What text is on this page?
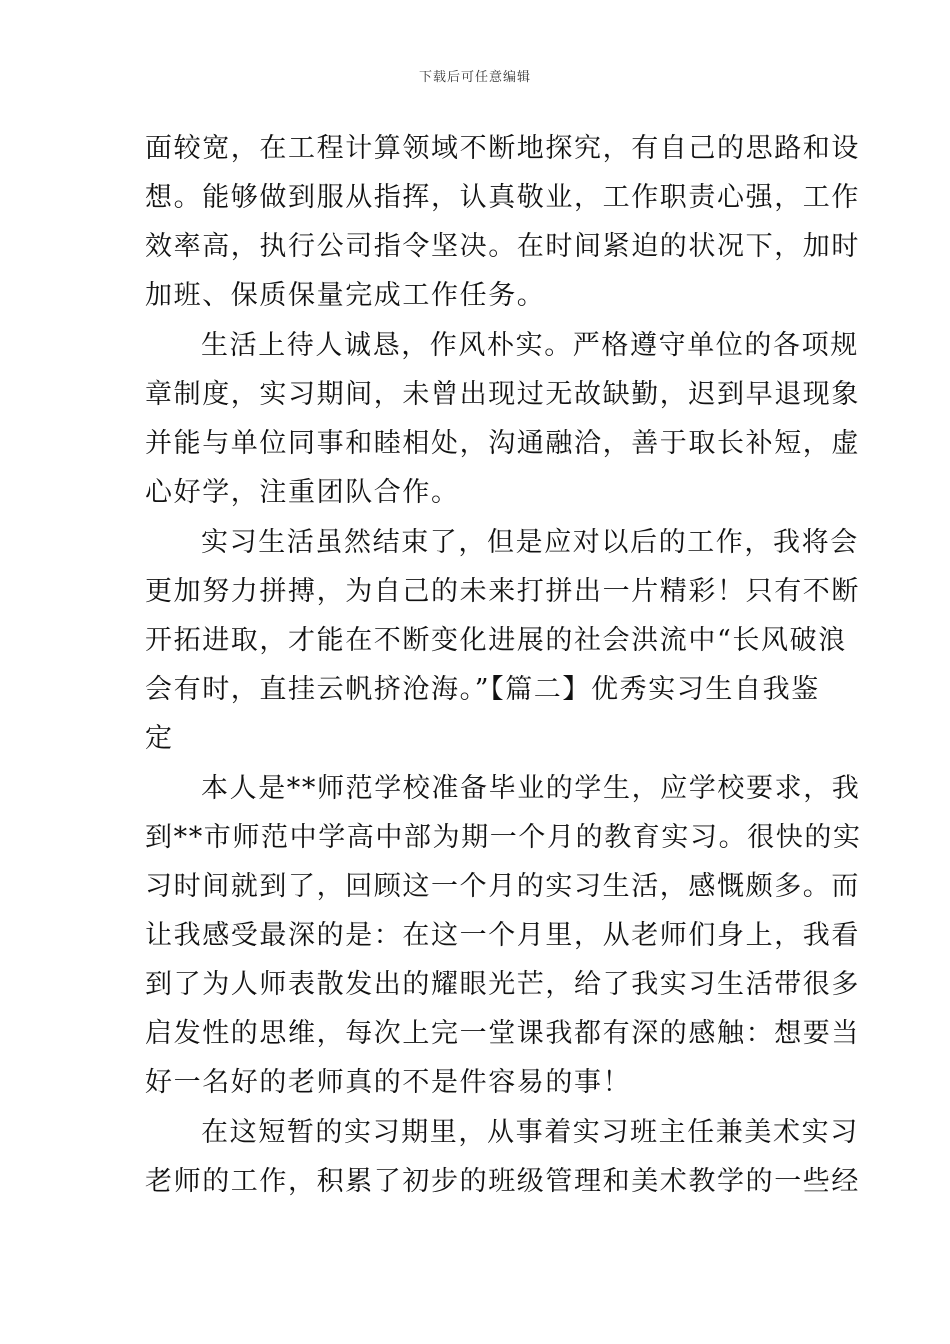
下载后可任意编辑
面较宽，在工程计算领域不断地探究，有自己的思路和设
想。能够做到服从指挥，认真敬业，工作职责心强，工作
效率高，执行公司指令坚决。在时间紧迫的状况下，加时
加班、保质保量完成工作任务。
生活上待人诚恳，作风朴实。严格遵守单位的各项规
章制度，实习期间，未曾出现过无故缺勤，迟到早退现象
并能与单位同事和睦相处，沟通融洽，善于取长补短，虚
心好学，注重团队合作。
实习生活虽然结束了，但是应对以后的工作，我将会
更加努力拼搏，为自己的未来打拼出一片精彩！只有不断
开拓进取，才能在不断变化进展的社会洪流中“长风破浪
会有时，直挂云帆挤沧海。”【篇二】优秀实习生自我鉴
定
本人是**师范学校准备毕业的学生，应学校要求，我
到**市师范中学高中部为期一个月的教育实习。很快的实
习时间就到了，回顾这一个月的实习生活，感慨颇多。而
让我感受最深的是：在这一个月里，从老师们身上，我看
到了为人师表散发出的耀眼光芒，给了我实习生活带很多
启发性的思维，每次上完一堂课我都有深的感触：想要当
好一名好的老师真的不是件容易的事！
在这短暂的实习期里，从事着实习班主任兼美术实习
老师的工作，积累了初步的班级管理和美术教学的一些经
